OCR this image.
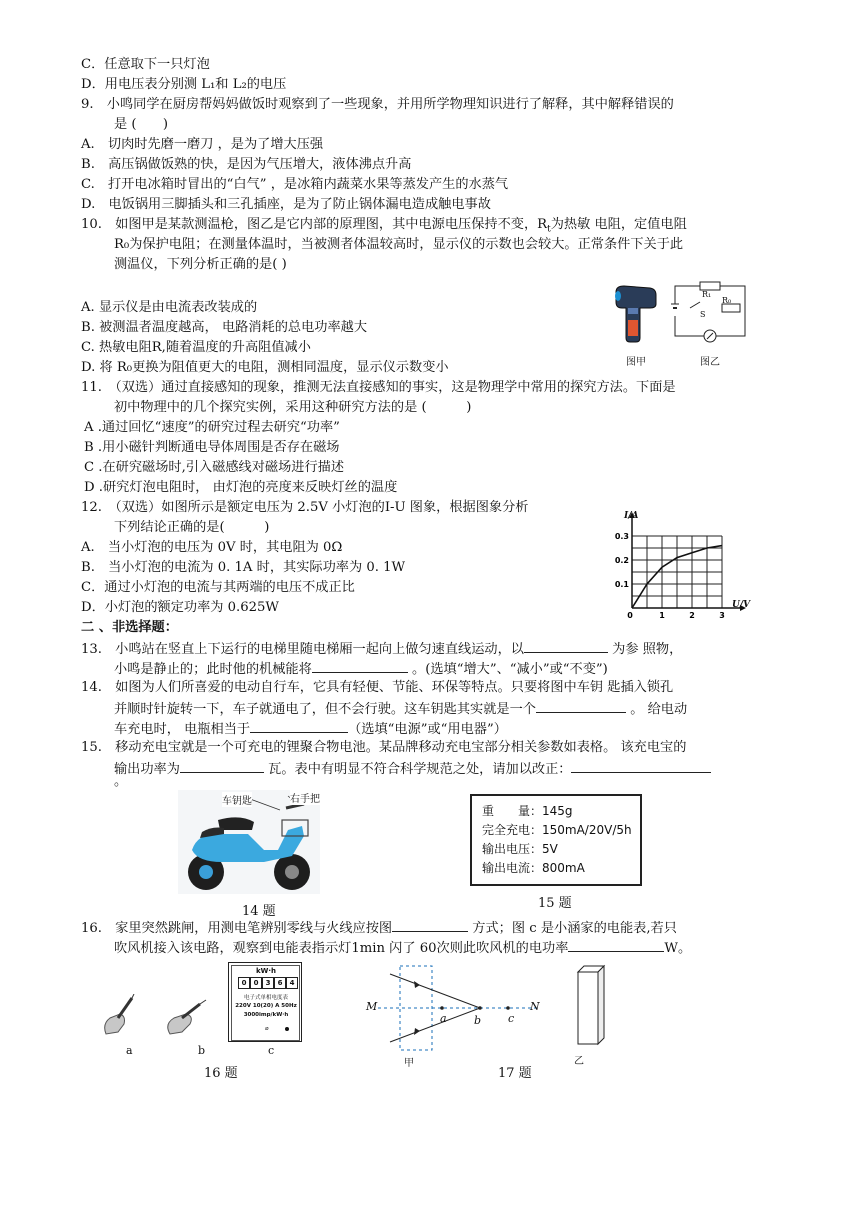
C．任意取下一只灯泡
D．用电压表分别测 L₁和 L₂的电压
9.　小鸣同学在厨房帮妈妈做饭时观察到了一些现象，并用所学物理知识进行了解释，其中解释错误的
是 (　　)
A.　切肉时先磨一磨刀 ，是为了增大压强
B.　高压锅做饭熟的快，是因为气压增大，液体沸点升高
C.　打开电冰箱时冒出的“白气” ，是冰箱内蔬菜水果等蒸发产生的水蒸气
D.　电饭锅用三脚插头和三孔插座，是为了防止锅体漏电造成触电事故
10.　如图甲是某款测温枪，图乙是它内部的原理图，其中电源电压保持不变，$R_t$为热敏 电阻，定值电阻
R₀为保护电阻；在测量体温时，当被测者体温较高时，显示仪的示数也会较大。正常条件下关于此
测温仪，下列分析正确的是( )
A. 显示仪是由电流表改装成的
B. 被测温者温度越高， 电路消耗的总电功率越大
C. 热敏电阻R,随着温度的升高阻值减小
D. 将 R₀更换为阻值更大的电阻，测相同温度，显示仪示数变小
11.　（双选）通过直接感知的现象，推测无法直接感知的事实，这是物理学中常用的探究方法。下面是
初中物理中的几个探究实例，采用这种研究方法的是 (　　　)
A .通过回忆“速度”的研究过程去研究“功率”
B .用小磁针判断通电导体周围是否存在磁场
C .在研究磁场时,引入磁感线对磁场进行描述
D .研究灯泡电阻时， 由灯泡的亮度来反映灯丝的温度
12.　（双选）如图所示是额定电压为 2.5V 小灯泡的I-U 图象，根据图象分析
下列结论正确的是(　　　)
A.　当小灯泡的电压为 0V 时，其电阻为 0Ω
B.　当小灯泡的电流为 0. 1A 时，其实际功率为 0. 1W
C．通过小灯泡的电流与其两端的电压不成正比
D．小灯泡的额定功率为 0.625W
二 、非选择题：
13.　小鸣站在竖直上下运行的电梯里随电梯厢一起向上做匀速直线运动，以	为参 照物，
小鸣是静止的；此时他的机械能将	。(选填“增大”、“减小”或“不变”)
14.　如图为人们所喜爱的电动自行车，它具有轻便、节能、环保等特点。只要将图中车钥 匙插入锁孔
并顺时针旋转一下，车子就通电了，但不会行驶。这车钥匙其实就是一个	。 给电动
车充电时， 电瓶相当于	（选填“电源”或“用电器”）
15.　移动充电宝就是一个可充电的锂聚合物电池。某品牌移动充电宝部分相关参数如表格。 该充电宝的
输出功率为	瓦。表中有明显不符合科学规范之处，请加以改正：
。
图甲
R₁
R₀
S
图乙
0	1	2	3
0.1
0.2
0.3
I/A
U/V
车钥匙	右手把
14 题
重　　量：145g
完全充电：150mA/20V/5h
输出电压：5V
输出电流：800mA
15 题
16.　家里突然跳闸，用测电笔辨别零线与火线应按图	方式；图 c 是小涵家的电能表,若只
吹风机接入该电路，观察到电能表指示灯1min 闪了 60次则此吹风机的电功率	W。
a	b
kW·h
0	0	3	6	4
电子式单相电度表
220V 10(20) A 50Hz
3000imp/kW·h
⌀
c
16 题
M	N
a b c
甲
17 题
乙
